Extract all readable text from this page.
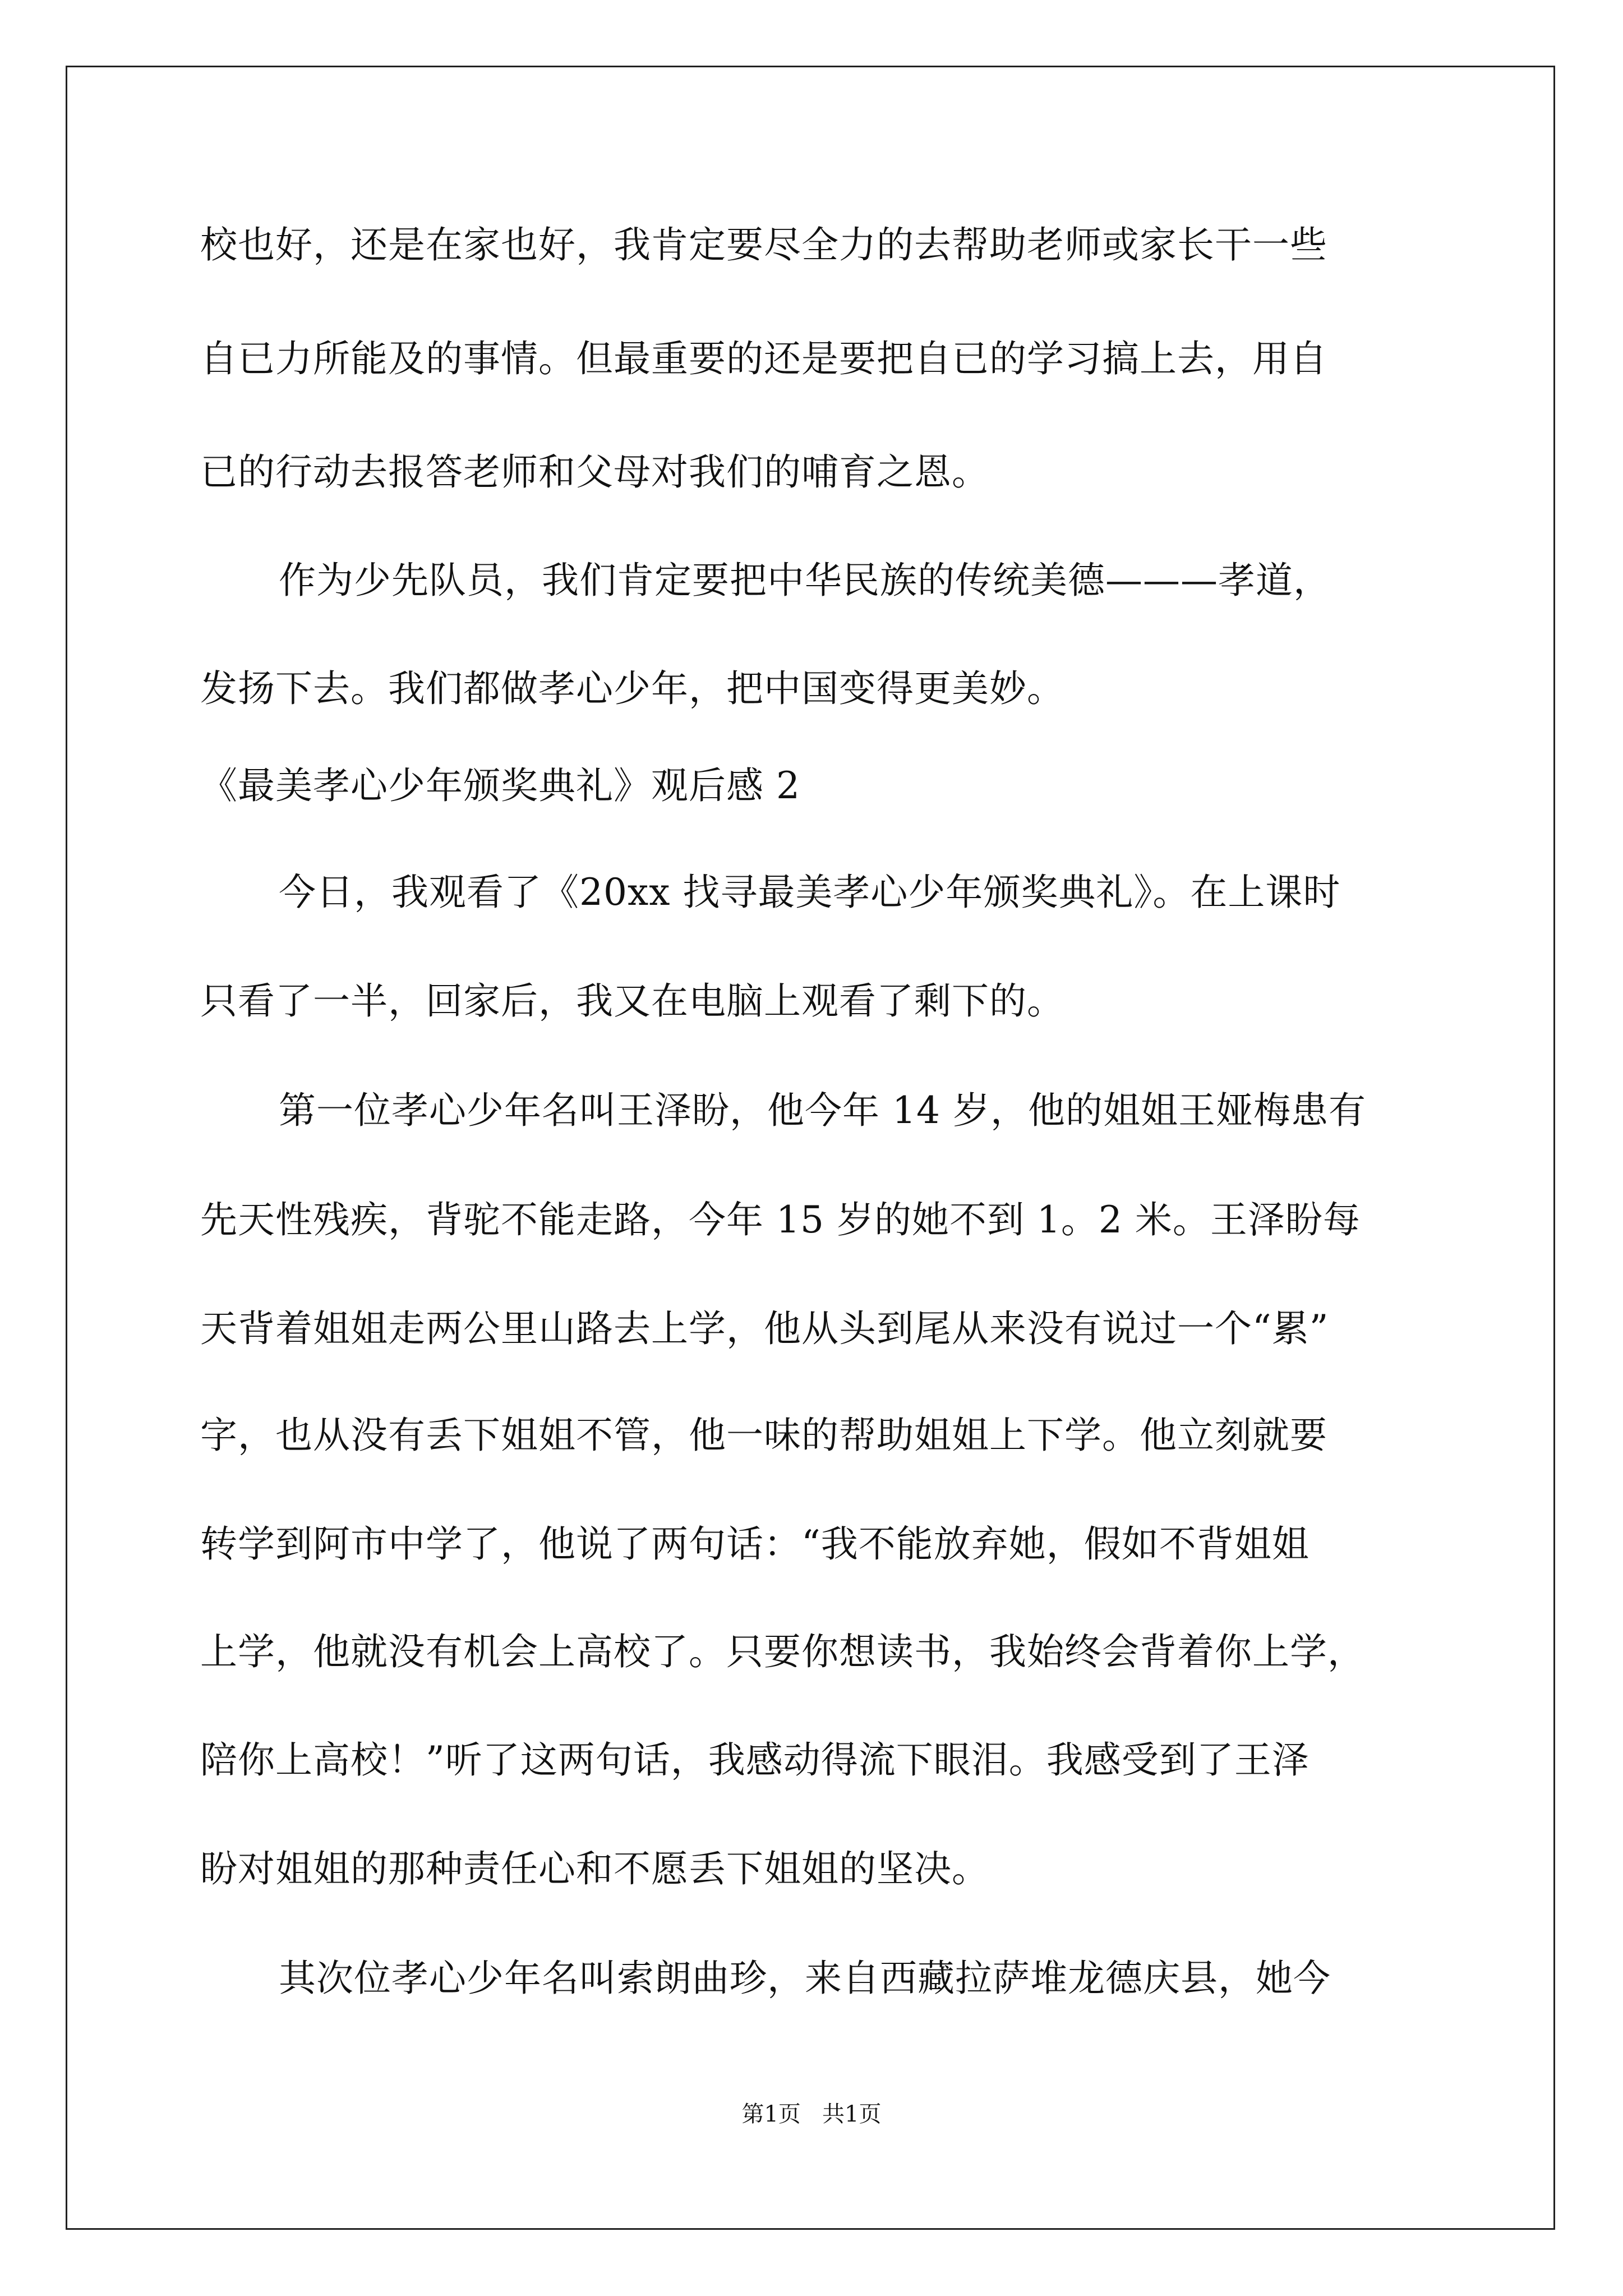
校也好，还是在家也好，我肯定要尽全力的去帮助老师或家长干一些
自已力所能及的事情。但最重要的还是要把自已的学习搞上去，用自
已的行动去报答老师和父母对我们的哺育之恩。
作为少先队员，我们肯定要把中华民族的传统美德———孝道，
发扬下去。我们都做孝心少年，把中国变得更美妙。
《最美孝心少年颁奖典礼》观后感 2
今日，我观看了《20xx 找寻最美孝心少年颁奖典礼》。在上课时
只看了一半，回家后，我又在电脑上观看了剩下的。
第一位孝心少年名叫王泽盼，他今年 14 岁，他的姐姐王娅梅患有
先天性残疾，背驼不能走路，今年 15 岁的她不到 1。2 米。王泽盼每
天背着姐姐走两公里山路去上学，他从头到尾从来没有说过一个“累”
字，也从没有丢下姐姐不管，他一味的帮助姐姐上下学。他立刻就要
转学到阿市中学了，他说了两句话：“我不能放弃她，假如不背姐姐
上学，他就没有机会上高校了。只要你想读书，我始终会背着你上学，
陪你上高校！”听了这两句话，我感动得流下眼泪。我感受到了王泽
盼对姐姐的那种责任心和不愿丢下姐姐的坚决。
其次位孝心少年名叫索朗曲珍，来自西藏拉萨堆龙德庆县，她今
第1页   共1页
